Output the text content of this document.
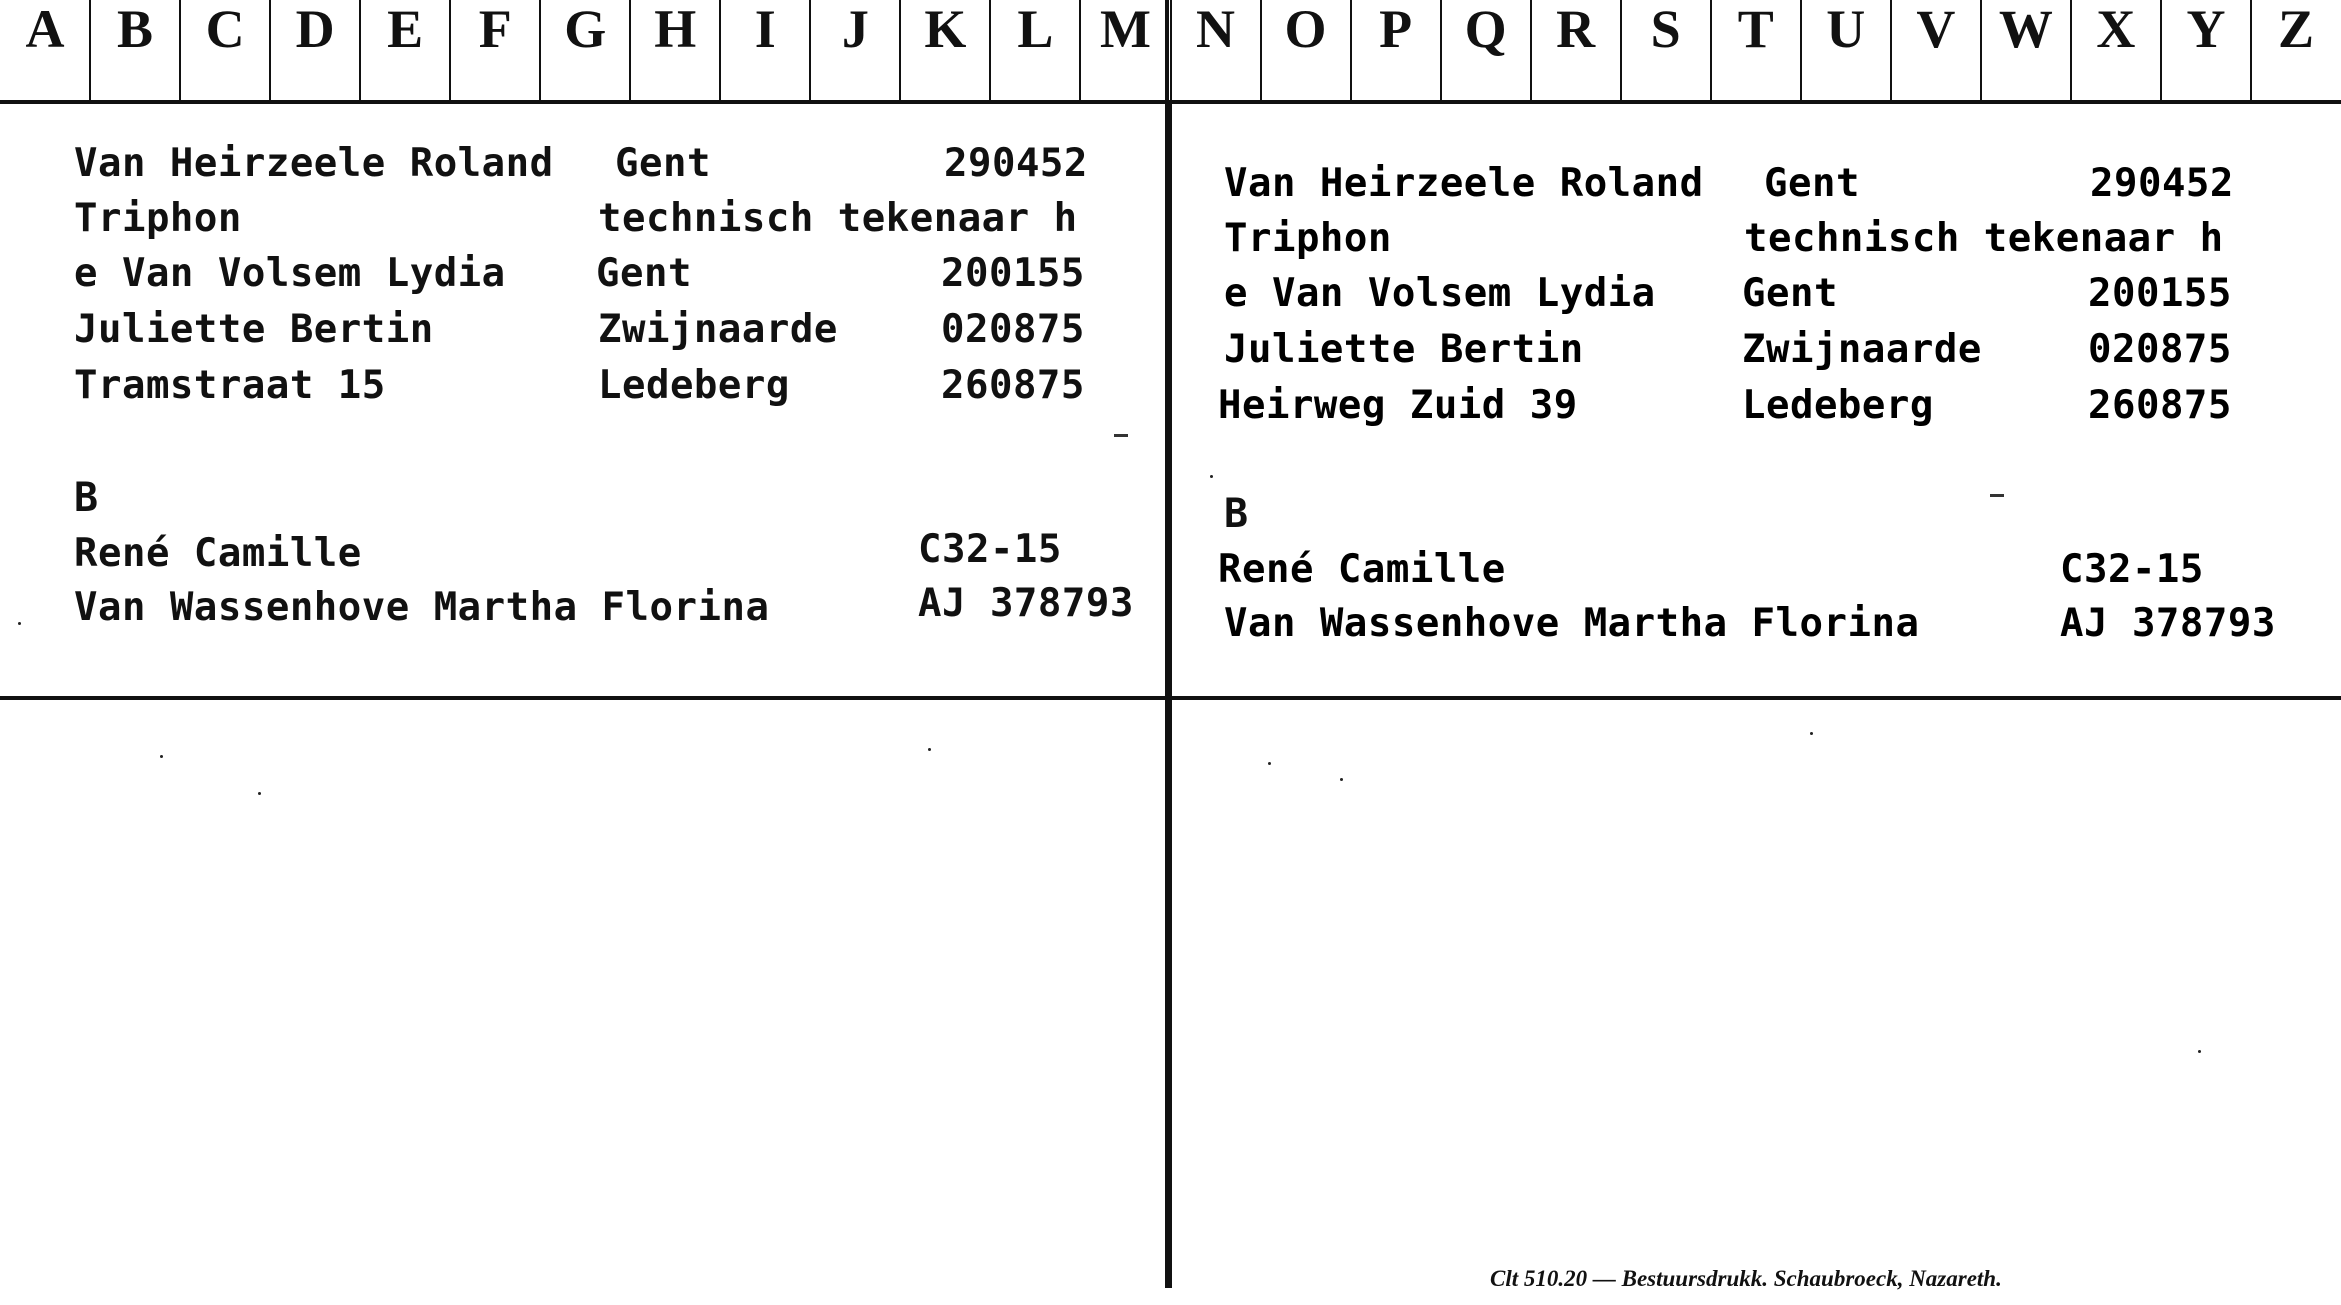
A B C D E	F G H	I	J	K L M N O P Q R	S	T U V W X Y Z
Van Heirzeele Roland Gent	290452
Triphon	technisch tekenaar h
e Van Volsem Lydia Gent	200155
Juliette Bertin	Zwijnaarde	020875
Tramstraat 15	Ledeberg	260875
B
René Camille	C32-15
Van Wassenhove Martha Florina	AJ 378793
Van Heirzeele Roland Gent	290452
Triphon	technisch tekenaar h
e Van Volsem Lydia Gent	200155
Juliette Bertin	Zwijnaarde	020875
Heirweg Zuid 39	Ledeberg	260875
B
René Camille	C32-15
Van Wassenhove Martha Florina	AJ 378793
Clt 510.20 — Bestuursdrukk. Schaubroeck, Nazareth.
